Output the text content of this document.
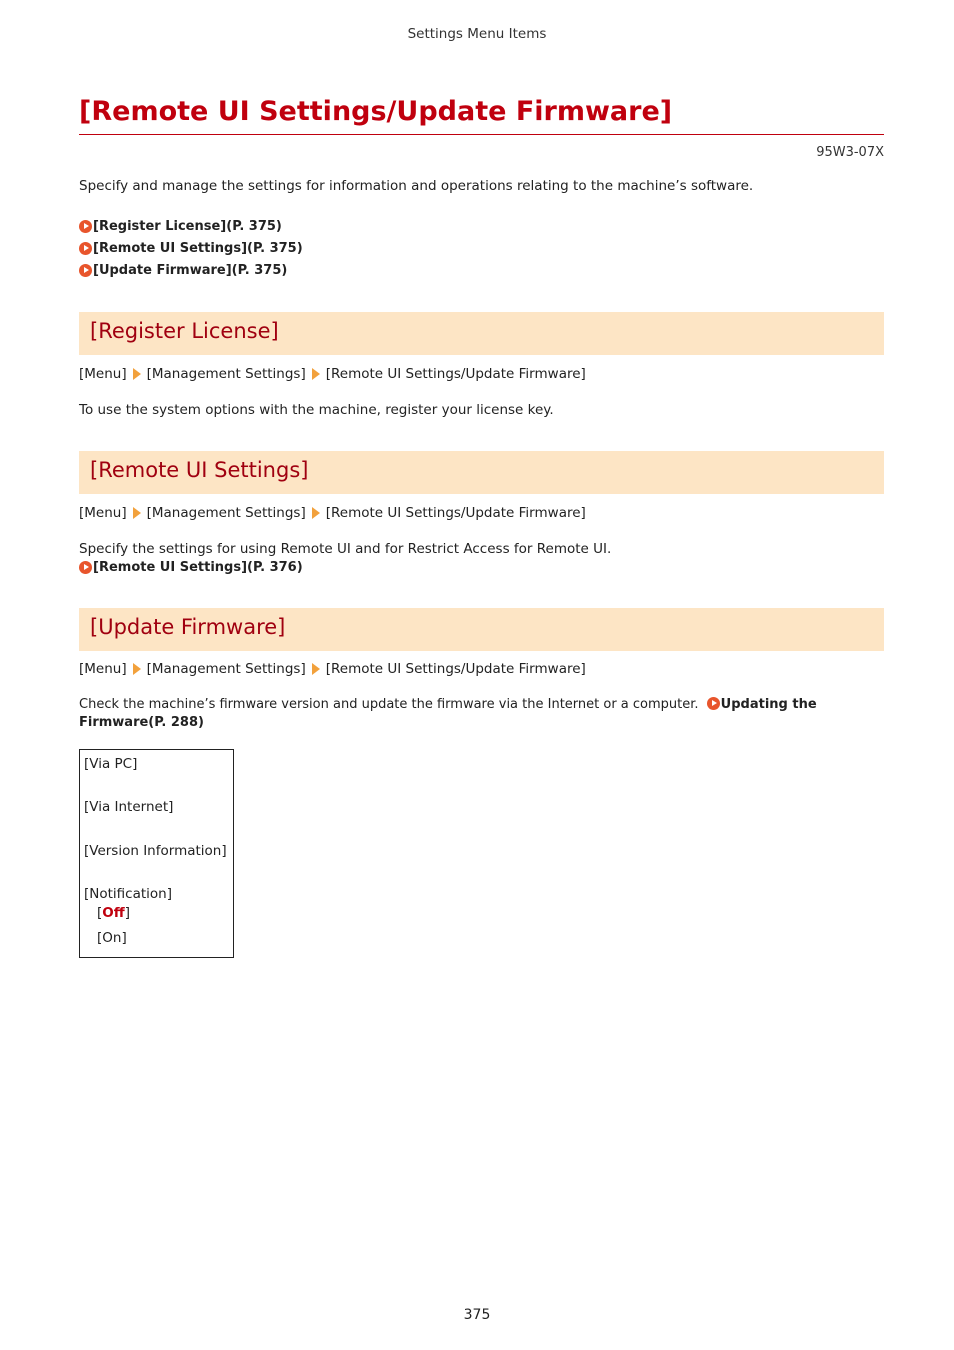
Settings Menu Items
[Remote UI Settings/Update Firmware]
95W3-07X
Specify and manage the settings for information and operations relating to the machine’s software.
[Register License](P. 375)
[Remote UI Settings](P. 375)
[Update Firmware](P. 375)
[Register License]
[Menu] [Management Settings] [Remote UI Settings/Update Firmware]
To use the system options with the machine, register your license key.
[Remote UI Settings]
[Menu] [Management Settings] [Remote UI Settings/Update Firmware]
Specify the settings for using Remote UI and for Restrict Access for Remote UI.
[Remote UI Settings](P. 376)
[Update Firmware]
[Menu] [Management Settings] [Remote UI Settings/Update Firmware]
Check the machine’s firmware version and update the firmware via the Internet or a computer. Updating the
Firmware(P. 288)
[Via PC]
[Via Internet]
[Version Information]
[Notification]
[Off]
[On]
375
